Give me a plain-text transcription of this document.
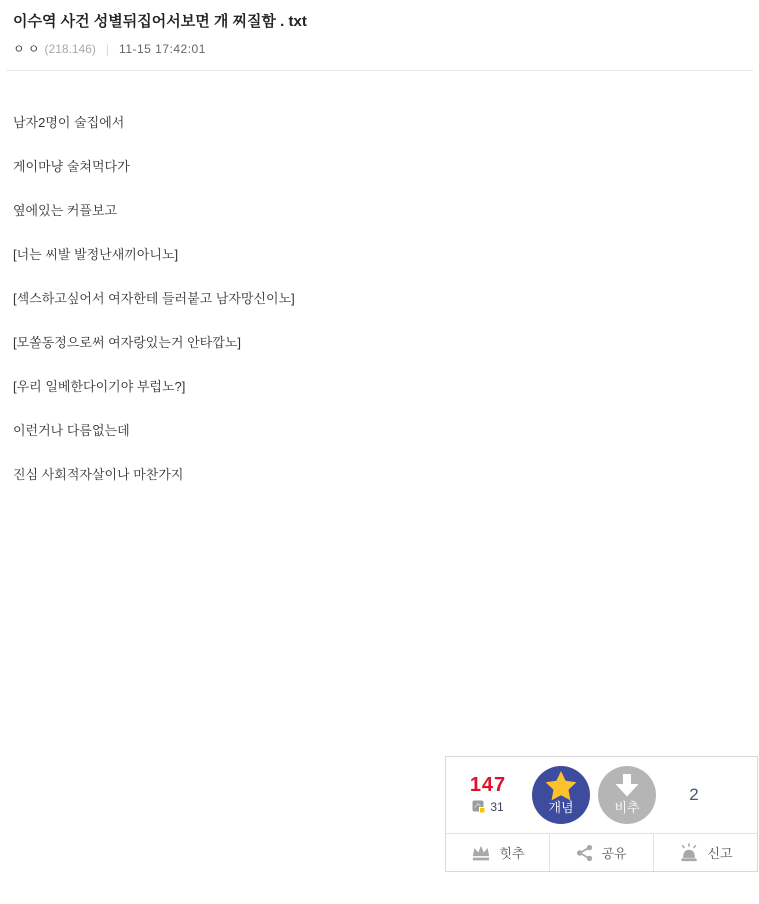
이수역 사건 성별뒤집어서보면 개 찌질함 . txt
ㅇ ㅇ (218.146) | 11-15 17:42:01

남자2명이 술집에서

게이마냥 술쳐먹다가

옆에있는 커플보고

[너는 씨발 발정난새끼아니노]

[섹스하고싶어서 여자한테 들러붙고 남자망신이노]

[모쏠동정으로써 여자랑있는거 안타깝노]

[우리 일베한다이기야 부럽노?]

이런거나 다름없는데

진심 사회적자살이나 마찬가지

147
31	개념	비추
2
힛추	공유	신고
